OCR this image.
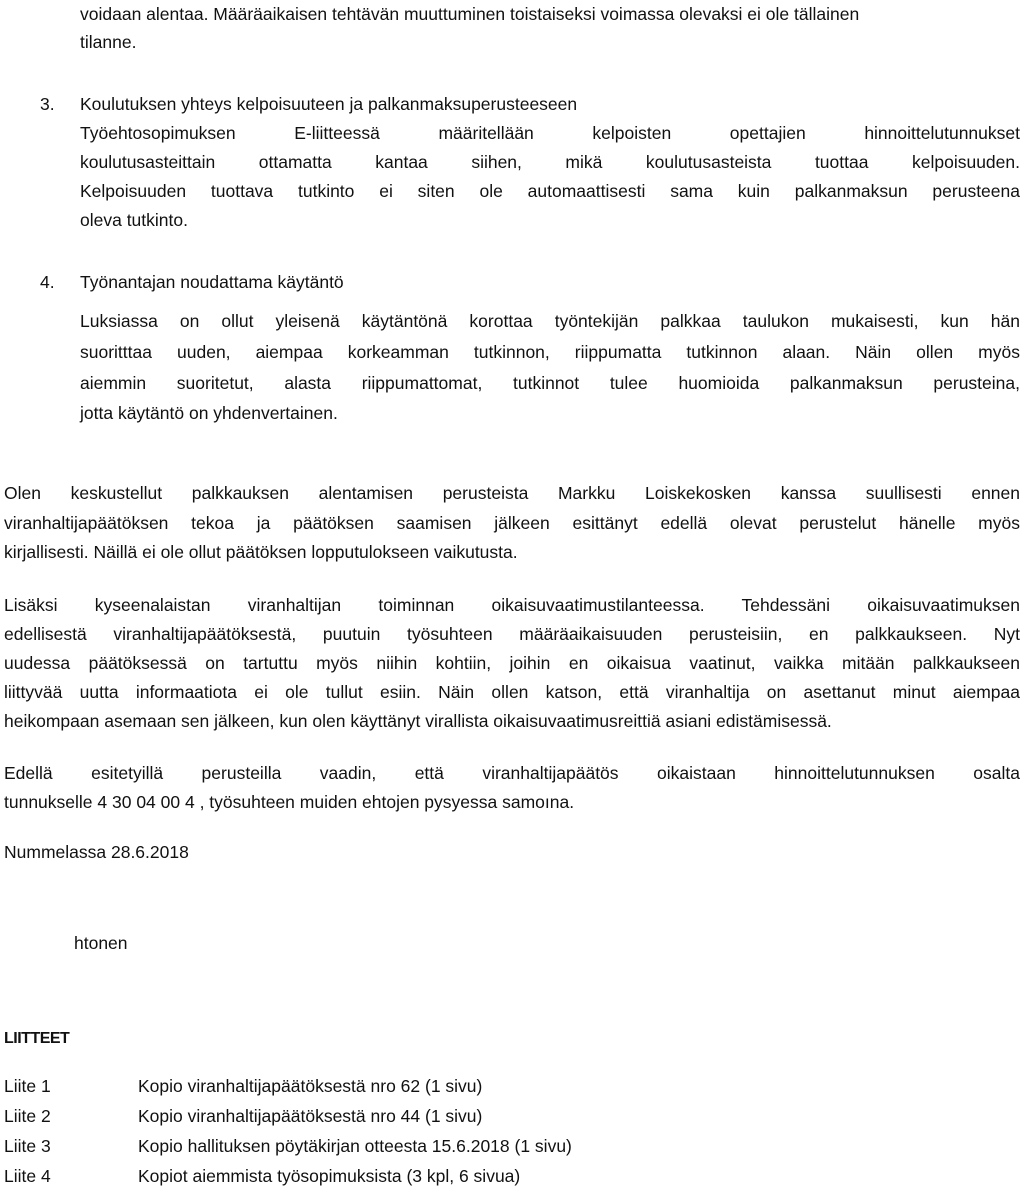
voidaan alentaa. Määräaikaisen tehtävän muuttuminen toistaiseksi voimassa olevaksi ei ole tällainen
tilanne.
3. Koulutuksen yhteys kelpoisuuteen ja palkanmaksuperusteeseen
Työehtosopimuksen E-liitteessä määritellään kelpoisten opettajien hinnoittelutunnukset
koulutusasteittain ottamatta kantaa siihen, mikä koulutusasteista tuottaa kelpoisuuden.
Kelpoisuuden tuottava tutkinto ei siten ole automaattisesti sama kuin palkanmaksun perusteena
oleva tutkinto.
4. Työnantajan noudattama käytäntö
Luksiassa on ollut yleisenä käytäntönä korottaa työntekijän palkkaa taulukon mukaisesti, kun hän
suoritttaa uuden, aiempaa korkeamman tutkinnon, riippumatta tutkinnon alaan. Näin ollen myös
aiemmin suoritetut, alasta riippumattomat, tutkinnot tulee huomioida palkanmaksun perusteina,
jotta käytäntö on yhdenvertainen.
Olen keskustellut palkkauksen alentamisen perusteista Markku Loiskekosken kanssa suullisesti ennen
viranhaltijapäätöksen tekoa ja päätöksen saamisen jälkeen esittänyt edellä olevat perustelut hänelle myös
kirjallisesti. Näillä ei ole ollut päätöksen lopputulokseen vaikutusta.
Lisäksi kyseenalaistan viranhaltijan toiminnan oikaisuvaatimustilanteessa. Tehdessäni oikaisuvaatimuksen
edellisestä viranhaltijapäätöksestä, puutuin työsuhteen määräaikaisuuden perusteisiin, en palkkaukseen. Nyt
uudessa päätöksessä on tartuttu myös niihin kohtiin, joihin en oikaisua vaatinut, vaikka mitään palkkaukseen
liittyvää uutta informaatiota ei ole tullut esiin. Näin ollen katson, että viranhaltija on asettanut minut aiempaa
heikompaan asemaan sen jälkeen, kun olen käyttänyt virallista oikaisuvaatimusreittiä asiani edistämisessä.
Edellä esitetyillä perusteilla vaadin, että viranhaltijapäätös oikaistaan hinnoittelutunnuksen osalta
tunnukselle 4 30 04 00 4 , työsuhteen muiden ehtojen pysyessa samoına.
Nummelassa 28.6.2018
htonen
LIITTEET
Liite 1	Kopio viranhaltijapäätöksestä nro 62 (1 sivu)
Liite 2	Kopio viranhaltijapäätöksestä nro 44 (1 sivu)
Liite 3	Kopio hallituksen pöytäkirjan otteesta 15.6.2018 (1 sivu)
Liite 4	Kopiot aiemmista työsopimuksista (3 kpl, 6 sivua)
